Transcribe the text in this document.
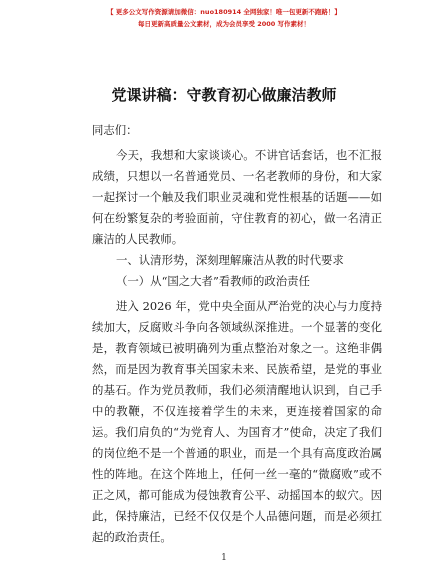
【 更多公文写作资源请加微信：nuo180914 全网独家！唯一包更新不跑路！】
每日更新高质量公文素材，成为会员享受 2000 写作素材！
党课讲稿：守教育初心做廉洁教师
同志们：
今天，我想和大家谈谈心。不讲官话套话，也不汇报成绩，只想以一名普通党员、一名老教师的身份，和大家一起探讨一个触及我们职业灵魂和党性根基的话题——如何在纷繁复杂的考验面前，守住教育的初心，做一名清正廉洁的人民教师。
一、认清形势，深刻理解廉洁从教的时代要求
（一）从“国之大者”看教师的政治责任
进入 2026 年，党中央全面从严治党的决心与力度持续加大，反腐败斗争向各领域纵深推进。一个显著的变化是，教育领域已被明确列为重点整治对象之一。这绝非偶然，而是因为教育事关国家未来、民族希望，是党的事业的基石。作为党员教师，我们必须清醒地认识到，自己手中的教鞭，不仅连接着学生的未来，更连接着国家的命运。我们肩负的“为党育人、为国育才”使命，决定了我们的岗位绝不是一个普通的职业，而是一个具有高度政治属性的阵地。在这个阵地上，任何一丝一毫的“微腐败”或不正之风，都可能成为侵蚀教育公平、动摇国本的蚁穴。因此，保持廉洁，已经不仅仅是个人品德问题，而是必须扛起的政治责任。
1
